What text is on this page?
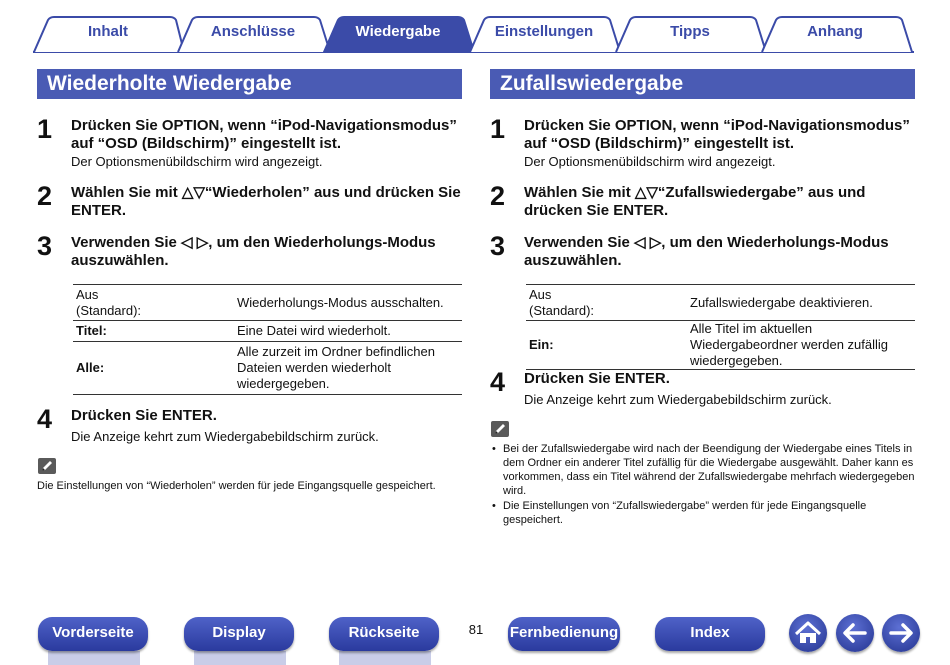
Inhalt	Anschlüsse	Wiedergabe	Einstellungen	Tipps	Anhang
Wiederholte Wiedergabe
1 Drücken Sie OPTION, wenn “iPod-Navigationsmodus” auf “OSD (Bildschirm)” eingestellt ist.
Der Optionsmenübildschirm wird angezeigt.
2 Wählen Sie mit △▽“Wiederholen” aus und drücken Sie ENTER.
3 Verwenden Sie ◁ ▷, um den Wiederholungs-Modus auszuwählen.
Aus
(Standard):	Wiederholungs-Modus ausschalten.
Titel:	Eine Datei wird wiederholt.
Alle:	Alle zurzeit im Ordner befindlichen Dateien werden wiederholt wiedergegeben.
4 Drücken Sie ENTER.
Die Anzeige kehrt zum Wiedergabebildschirm zurück.
Die Einstellungen von “Wiederholen” werden für jede Eingangsquelle gespeichert.
Zufallswiedergabe
1 Drücken Sie OPTION, wenn “iPod-Navigationsmodus” auf “OSD (Bildschirm)” eingestellt ist.
Der Optionsmenübildschirm wird angezeigt.
2 Wählen Sie mit △▽“Zufallswiedergabe” aus und drücken Sie ENTER.
3 Verwenden Sie ◁ ▷, um den Wiederholungs-Modus auszuwählen.
Aus
(Standard):	Zufallswiedergabe deaktivieren.
Ein:	Alle Titel im aktuellen Wiedergabeordner werden zufällig wiedergegeben.
4 Drücken Sie ENTER.
Die Anzeige kehrt zum Wiedergabebildschirm zurück.
• Bei der Zufallswiedergabe wird nach der Beendigung der Wiedergabe eines Titels in dem Ordner ein anderer Titel zufällig für die Wiedergabe ausgewählt. Daher kann es vorkommen, dass ein Titel während der Zufallswiedergabe mehrfach wiedergegeben wird.
• Die Einstellungen von “Zufallswiedergabe” werden für jede Eingangsquelle gespeichert.
Vorderseite	Display	Rückseite	81	Fernbedienung	Index
